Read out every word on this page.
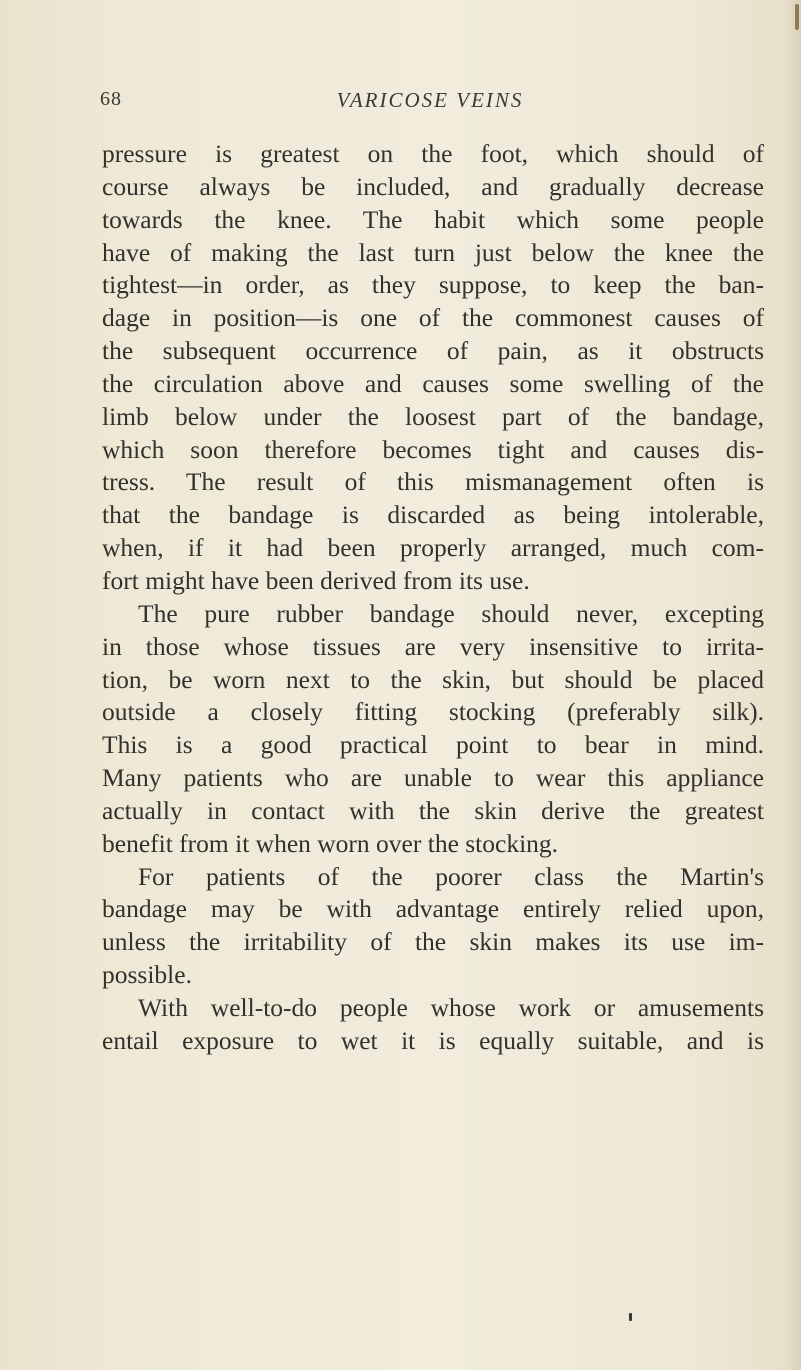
68	VARICOSE VEINS
pressure is greatest on the foot, which should of
course always be included, and gradually decrease
towards the knee. The habit which some people
have of making the last turn just below the knee the
tightest—in order, as they suppose, to keep the ban-
dage in position—is one of the commonest causes of
the subsequent occurrence of pain, as it obstructs
the circulation above and causes some swelling of the
limb below under the loosest part of the bandage,
which soon therefore becomes tight and causes dis-
tress. The result of this mismanagement often is
that the bandage is discarded as being intolerable,
when, if it had been properly arranged, much com-
fort might have been derived from its use.
The pure rubber bandage should never, excepting
in those whose tissues are very insensitive to irrita-
tion, be worn next to the skin, but should be placed
outside a closely fitting stocking (preferably silk).
This is a good practical point to bear in mind.
Many patients who are unable to wear this appliance
actually in contact with the skin derive the greatest
benefit from it when worn over the stocking.
For patients of the poorer class the Martin's
bandage may be with advantage entirely relied upon,
unless the irritability of the skin makes its use im-
possible.
With well-to-do people whose work or amusements
entail exposure to wet it is equally suitable, and is
